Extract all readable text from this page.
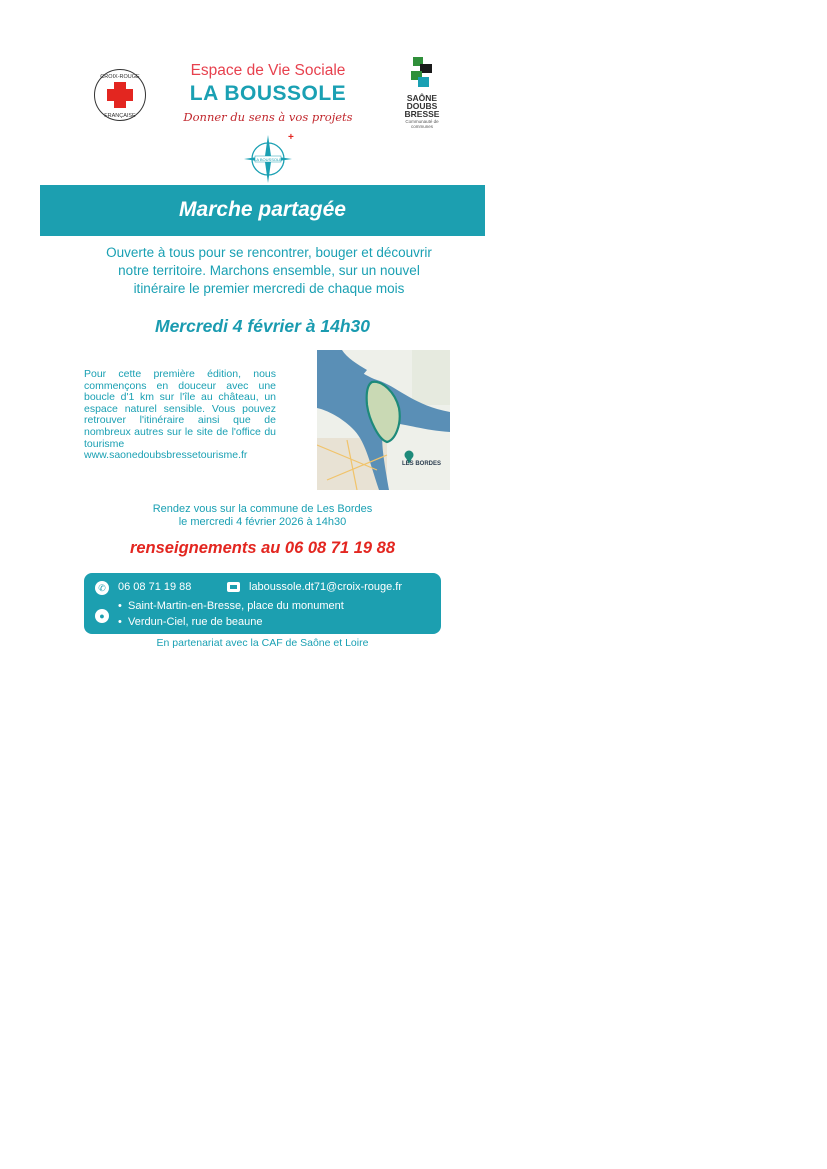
CROIX-ROUGE
FRANÇAISE
Espace de Vie Sociale
LA BOUSSOLE
Donner du sens à vos projets
LA BOUSSOLE
+
SAÔNE
DOUBS
BRESSE
Communauté de communes
Marche partagée
Ouverte à tous pour se rencontrer, bouger et découvrir
notre territoire. Marchons ensemble, sur un nouvel
itinéraire le premier mercredi de chaque mois
Mercredi 4 février à 14h30
Pour cette première édition, nous commençons en douceur avec une boucle d'1 km sur l'île au château, un espace naturel sensible. Vous pouvez retrouver l'itinéraire ainsi que de nombreux autres sur le site de l'office du tourisme www.saonedoubsbressetourisme.fr
LES BORDES
Rendez vous sur la commune de Les Bordes
le mercredi 4 février 2026 à 14h30
renseignements au 06 08 71 19 88
✆ 06 08 71 19 88	laboussole.dt71@croix-rouge.fr
●
• Saint-Martin-en-Bresse, place du monument
• Verdun-Ciel, rue de beaune
En partenariat avec la CAF de Saône et Loire
